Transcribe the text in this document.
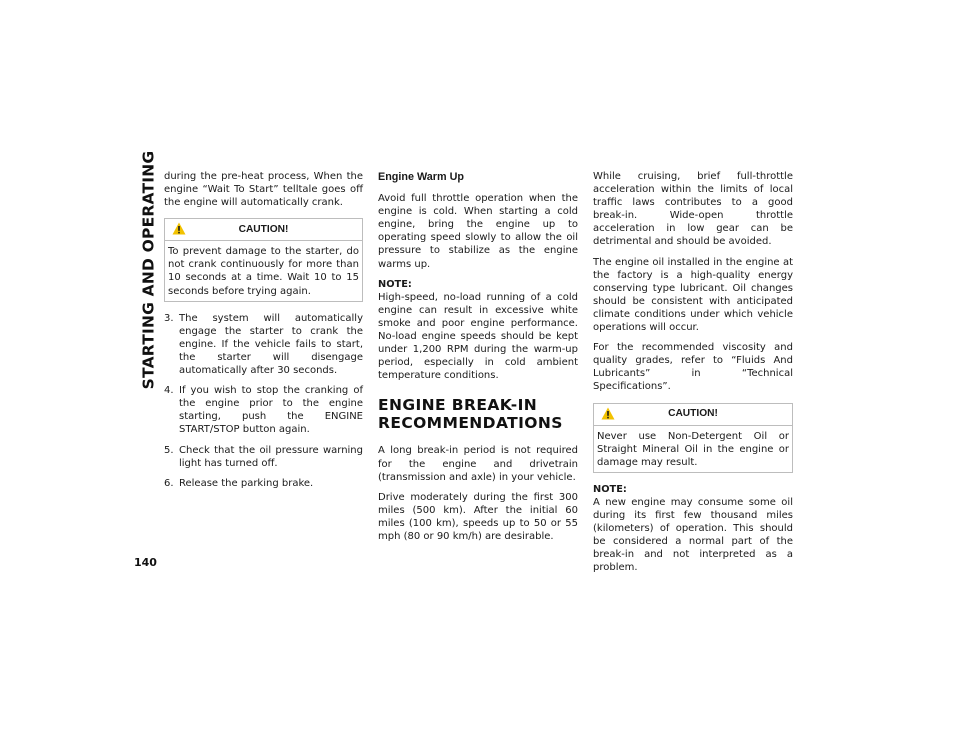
STARTING AND OPERATING
140

during the pre-heat process, When the engine “Wait To Start” telltale goes off the engine will automatically crank.

CAUTION!
To prevent damage to the starter, do not crank continuously for more than 10 seconds at a time. Wait 10 to 15 seconds before trying again.
3. The system will automatically engage the starter to crank the engine. If the vehicle fails to start, the starter will disengage automatically after 30 seconds.
4. If you wish to stop the cranking of the engine prior to the engine starting, push the ENGINE START/STOP button again.
5. Check that the oil pressure warning light has turned off.
6. Release the parking brake.
Engine Warm Up

Avoid full throttle operation when the engine is cold. When starting a cold engine, bring the engine up to operating speed slowly to allow the oil pressure to stabilize as the engine warms up.

NOTE:

High-speed, no-load running of a cold engine can result in excessive white smoke and poor engine performance. No-load engine speeds should be kept under 1,200 RPM during the warm-up period, especially in cold ambient temperature conditions.

ENGINE BREAK-IN RECOMMENDATIONS

A long break-in period is not required for the engine and drivetrain (transmission and axle) in your vehicle.

Drive moderately during the first 300 miles (500 km). After the initial 60 miles (100 km), speeds up to 50 or 55 mph (80 or 90 km/h) are desirable.

While cruising, brief full-throttle acceleration within the limits of local traffic laws contributes to a good break-in. Wide-open throttle acceleration in low gear can be detrimental and should be avoided.

The engine oil installed in the engine at the factory is a high-quality energy conserving type lubricant. Oil changes should be consistent with anticipated climate conditions under which vehicle operations will occur.

For the recommended viscosity and quality grades, refer to “Fluids And Lubricants” in “Technical Specifications”.

CAUTION!
Never use Non-Detergent Oil or Straight Mineral Oil in the engine or damage may result.
NOTE:

A new engine may consume some oil during its first few thousand miles (kilometers) of operation. This should be considered a normal part of the break-in and not interpreted as a problem.
